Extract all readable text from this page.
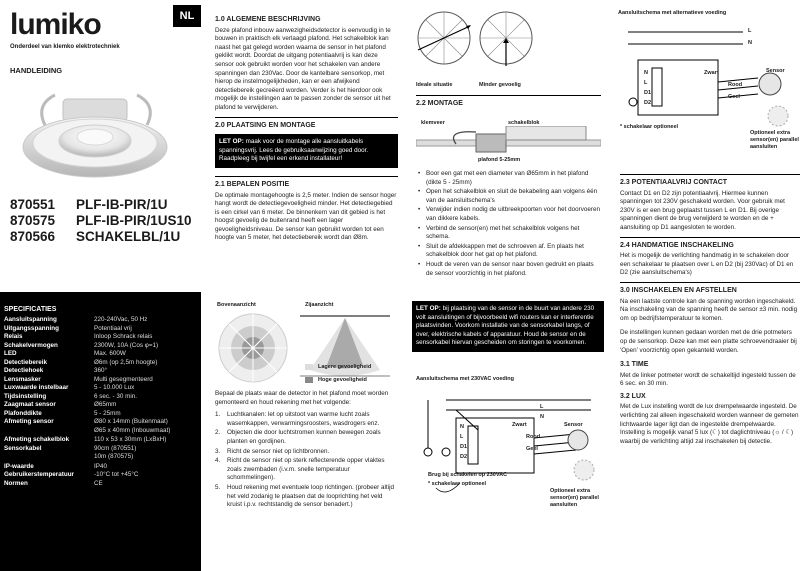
lumiko
Onderdeel van klemko elektrotechniek
HANDLEIDING
870551 PLF-IB-PIR/1U
870575 PLF-IB-PIR/1US10
870566 SCHAKELBL/1U
SPECIFICATIES
Aansluitspanning	220-240Vac, 50 Hz
Uitgangsspanning	Potentiaal vrij
Relais	Inloop Schrack relais
Schakelvermogen	2300W, 10A (Cos φ=1)
LED	Max. 600W
Detectiebereik	Ø6m (op 2,5m hoogte)
Detectiehoek	360°
Lensmasker	Multi gesegmenteerd
Luxwaarde instelbaar	5 - 10.000 Lux
Tijdsinstelling	6 sec. - 30 min.
Zaagmaat sensor	Ø65mm
Plafonddikte	5 - 25mm
Afmeting sensor	Ø80 x 14mm (Buitenmaat)
Ø65 x 40mm (Inbouwmaat)
Afmeting schakelblok	110 x 53 x 30mm (LxBxH)
Sensorkabel	90cm (870551)
10m (870575)
IP-waarde	IP40
Gebruikerstemperatuur	-10°C tot +45°C
Normen	CE
NL	1.0 ALGEMENE BESCHRIJVING
Deze plafond inbouw aanwezigheidsdetector is eenvoudig in te bouwen in praktisch elk verlaagd plafond. Het schakelblok kan naast het gat gelegd worden waarna de sensor in het plafond geklikt wordt. Doordat de uitgang potentiaalvrij is kan deze sensor ook gebruikt worden voor het schakelen van andere spanningen dan 230Vac. Door de kantelbare sensorkop, met hierop de instelmogelijkheden, kan er een afwijkend detectiebereik gecreëerd worden. Verder is het hierdoor ook mogelijk de instellingen aan te passen zonder de sensor uit het plafond te verwijderen.
2.0 PLAATSING EN MONTAGE
LET OP: maak voor de montage alle aansluitkabels spanningsvrij. Lees de gebruiksaanwijzing goed door. Raadpleeg bij twijfel een erkend installateur!
2.1 BEPALEN POSITIE
De optimale montagehoogte is 2,5 meter. Indien de sensor hoger hangt wordt de detectiegevoeligheid minder. Het detectiegebied is een cirkel van 6 meter. De binnenkern van dit gebied is het hoogst gevoelig de buitenrand heeft een lager gevoeligheidsniveau. De sensor kan gebruikt worden tot een hoogte van 5 meter, het detectiebereik wordt dan Ø8m.
Bovenaanzicht	Zijaanzicht
Lagere gevoeligheid
Hoge gevoeligheid
Bepaal de plaats waar de detector in het plafond moet worden gemonteerd en houd rekening met het volgende:
1. Luchtkanalen: let op uitstoot van warme lucht zoals wasemkappen, verwarmingsroosters, wasdrogers enz.
2. Objecten die door luchtstromen kunnen bewegen zoals planten en gordijnen.
3. Richt de sensor niet op lichtbronnen.
4. Richt de sensor niet op sterk reflecterende opper vlaktes zoals zwembaden (i.v.m. snelle temperatuur schommelingen).
5. Houd rekening met eventuele loop richtingen. (probeer altijd het veld zodanig te plaatsen dat de looprichting het veld kruist i.p.v. rechtstandig de sensor benadert.)
Ideale situatie	Minder gevoelig
2.2 MONTAGE
klemveer	schakelblok
plafond 5-25mm
• Boor een gat met een diameter van Ø65mm in het plafond (dikte 5 - 25mm)
• Open het schakelblok en sluit de bekabeling aan volgens één van de aansluitschema's
• Verwijder indien nodig de uitbreekpoorten voor het doorvoeren van dikkere kabels.
• Verbind de sensor(en) met het schakelblok volgens het schema.
• Sluit de afdekkappen met de schroeven af. En plaats het schakelblok door het gat op het plafond.
• Houdt de veren van de sensor naar boven gedrukt en plaats de sensor voorzichtig in het plafond.
LET OP: bij plaatsing van de sensor in de buurt van andere 230 volt aansluitingen of bijvoorbeeld wifi routers kan er interferentie plaatsvinden. Voorkom installatie van de sensorkabel langs, of over, elektrische kabels of apparatuur. Houd de sensor en de sensorkabel hiervan gescheiden om storingen te voorkomen.
Aansluitschema met 230VAC voeding
L
N
Zwart
Rood
Geel
Sensor
N
L
D1
D2
Brug bij schakelen op 230VAC
* schakelaar optioneel
Optioneel extra sensor(en) parallel aansluiten
Aansluitschema met alternatieve voeding
L
N
Zwart
Rood
Geel
Sensor
N
L
D1
D2
* schakelaar optioneel
Optioneel extra sensor(en) parallel aansluiten
2.3 POTENTIAALVRIJ CONTACT
Contact D1 en D2 zijn potentiaalvrij. Hiermee kunnen spanningen tot 230V geschakeld worden. Voor gebruik met 230V is er een brug geplaatst tussen L en D1. Bij overige spanningen dient de brug verwijderd te worden en de + aansluiting op D1 aangesloten te worden.
2.4 HANDMATIGE INSCHAKELING
Het is mogelijk de verlichting handmatig in te schakelen door een schakelaar te plaatsen over L en D2 (bij 230Vac) of D1 en D2 (zie aansluitschema's)
3.0 INSCHAKELEN EN AFSTELLEN
Na een laatste controle kan de spanning worden ingeschakeld. Na inschakeling van de spanning heeft de sensor ±3 min. nodig om op bedrijfstemperatuur te komen.
De instellingen kunnen gedaan worden met de drie potmeters op de sensorkop. Deze kan met een platte schroevendraaier bij 'Open' voorzichtig open gekanteld worden.
3.1 TIME
Met de linker potmeter wordt de schakeltijd ingesteld tussen de 6 sec. en 30 min.
3.2 LUX
Met de Lux instelling wordt de lux drempelwaarde ingesteld. De verlichting zal alleen ingeschakeld worden wanneer de gemeten lichtwaarde lager ligt dan de ingestelde drempelwaarde. Instelling is mogelijk vanaf 5 lux (☾) tot daglichtniveau (☼ / ☾) waarbij de verlichting altijd zal inschakelen bij detectie.
